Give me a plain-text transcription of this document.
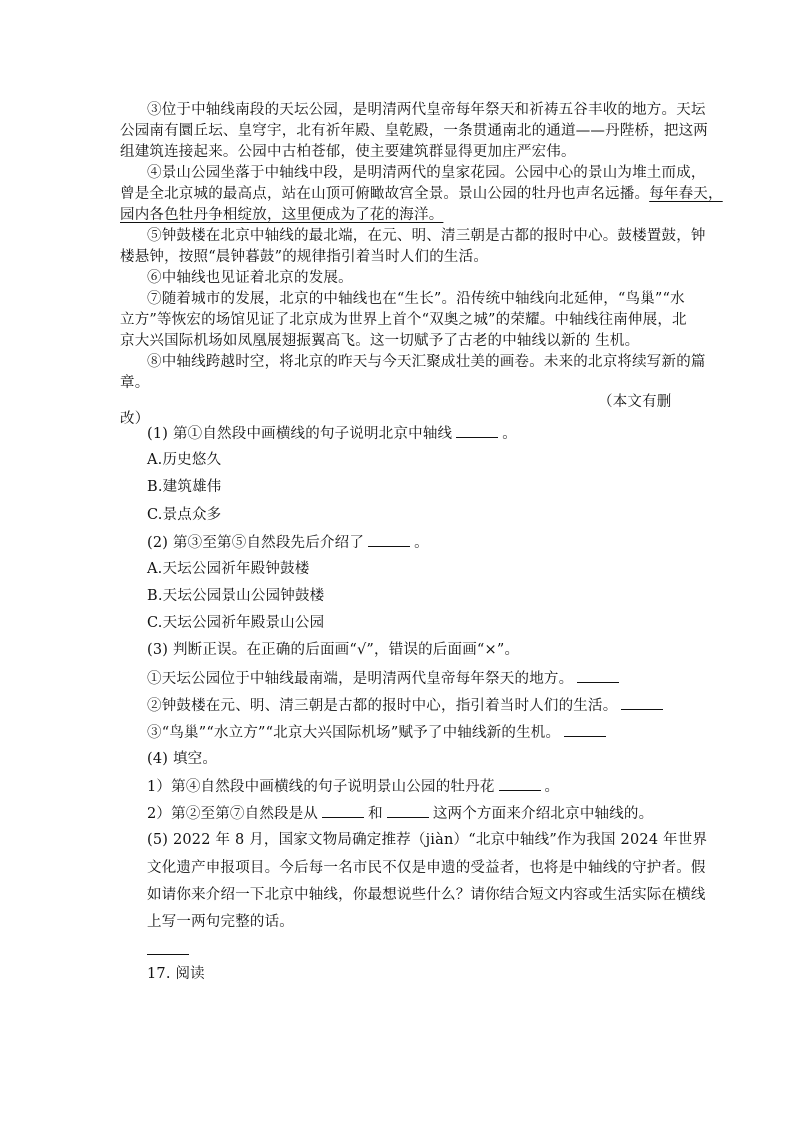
③位于中轴线南段的天坛公园，是明清两代皇帝每年祭天和祈祷五谷丰收的地方。天坛
公园南有圜丘坛、皇穹宇，北有祈年殿、皇乾殿，一条贯通南北的通道——丹陛桥，把这两
组建筑连接起来。公园中古柏苍郁，使主要建筑群显得更加庄严宏伟。
④景山公园坐落于中轴线中段，是明清两代的皇家花园。公园中心的景山为堆土而成，
曾是全北京城的最高点，站在山顶可俯瞰故宫全景。景山公园的牡丹也声名远播。每年春天，
园内各色牡丹争相绽放，这里便成为了花的海洋。
⑤钟鼓楼在北京中轴线的最北端，在元、明、清三朝是古都的报时中心。鼓楼置鼓，钟
楼悬钟，按照“晨钟暮鼓”的规律指引着当时人们的生活。
⑥中轴线也见证着北京的发展。
⑦随着城市的发展，北京的中轴线也在“生长”。沿传统中轴线向北延伸，“鸟巢”“水
立方”等恢宏的场馆见证了北京成为世界上首个“双奥之城”的荣耀。中轴线往南伸展，北
京大兴国际机场如凤凰展翅振翼高飞。这一切赋予了古老的中轴线以新的 生机。
⑧中轴线跨越时空，将北京的昨天与今天汇聚成壮美的画卷。未来的北京将续写新的篇
章。
（本文有删
改）
(1) 第①自然段中画横线的句子说明北京中轴线	。
A.历史悠久
B.建筑雄伟
C.景点众多
(2) 第③至第⑤自然段先后介绍了	。
A.天坛公园祈年殿钟鼓楼
B.天坛公园景山公园钟鼓楼
C.天坛公园祈年殿景山公园
(3) 判断正误。在正确的后面画“√”，错误的后面画“×”。
①天坛公园位于中轴线最南端，是明清两代皇帝每年祭天的地方。
②钟鼓楼在元、明、清三朝是古都的报时中心，指引着当时人们的生活。
③“鸟巢”“水立方”“北京大兴国际机场”赋予了中轴线新的生机。
(4) 填空。
1）第④自然段中画横线的句子说明景山公园的牡丹花	。
2）第②至第⑦自然段是从	和	这两个方面来介绍北京中轴线的。
(5) 2022 年 8 月，国家文物局确定推荐（jiàn）“北京中轴线”作为我国 2024 年世界
文化遗产申报项目。今后每一名市民不仅是申遗的受益者，也将是中轴线的守护者。假
如请你来介绍一下北京中轴线，你最想说些什么？请你结合短文内容或生活实际在横线
上写一两句完整的话。
17. 阅读
